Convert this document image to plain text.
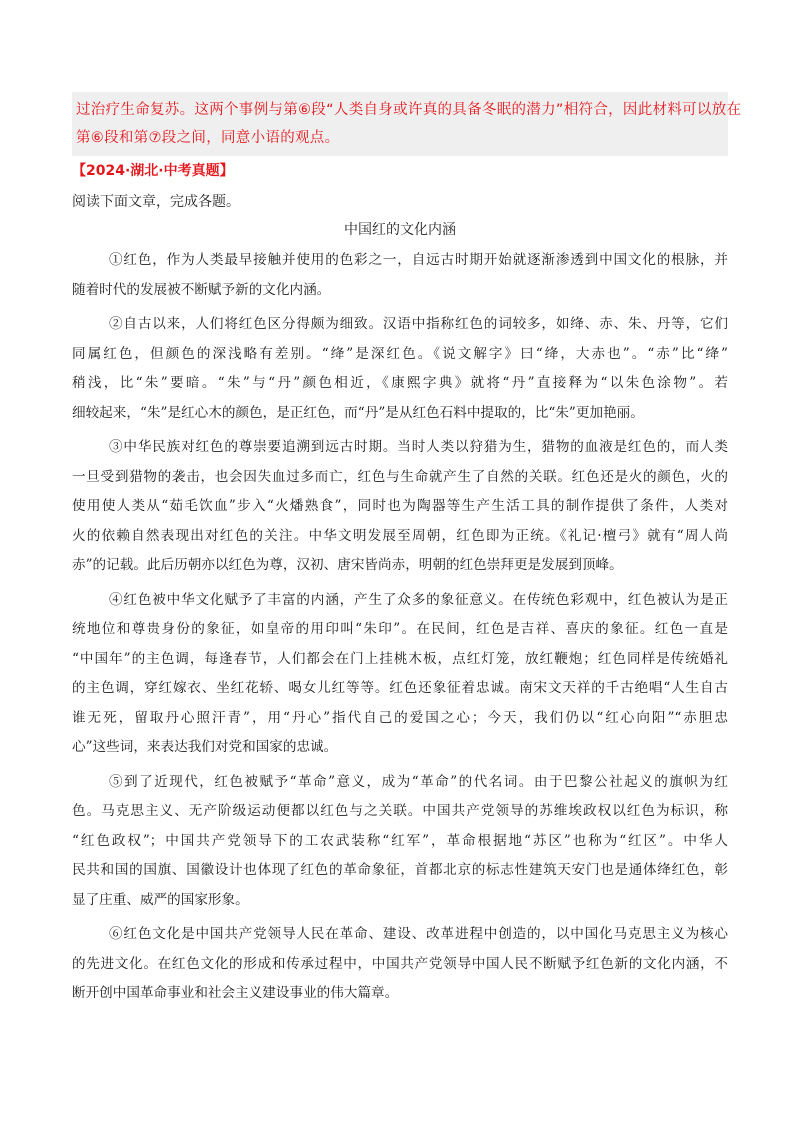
过治疗生命复苏。这两个事例与第⑥段“人类自身或许真的具备冬眠的潜力”相符合，因此材料可以放在
第⑥段和第⑦段之间，同意小语的观点。
【2024·湖北·中考真题】
阅读下面文章，完成各题。
中国红的文化内涵
①红色，作为人类最早接触并使用的色彩之一，自远古时期开始就逐渐渗透到中国文化的根脉，并
随着时代的发展被不断赋予新的文化内涵。
②自古以来，人们将红色区分得颇为细致。汉语中指称红色的词较多，如绛、赤、朱、丹等，它们
同属红色，但颜色的深浅略有差别。“绛”是深红色。《说文解字》曰“绛，大赤也”。“赤”比“绛”
稍浅，比“朱”要暗。“朱”与“丹”颜色相近，《康熙字典》就将“丹”直接释为“以朱色涂物”。若
细较起来，“朱”是红心木的颜色，是正红色，而“丹”是从红色石料中提取的，比“朱”更加艳丽。
③中华民族对红色的尊崇要追溯到远古时期。当时人类以狩猎为生，猎物的血液是红色的，而人类
一旦受到猎物的袭击，也会因失血过多而亡，红色与生命就产生了自然的关联。红色还是火的颜色，火的
使用使人类从“茹毛饮血”步入“火燔熟食”，同时也为陶器等生产生活工具的制作提供了条件，人类对
火的依赖自然表现出对红色的关注。中华文明发展至周朝，红色即为正统。《礼记·檀弓》就有“周人尚
赤”的记载。此后历朝亦以红色为尊，汉初、唐宋皆尚赤，明朝的红色崇拜更是发展到顶峰。
④红色被中华文化赋予了丰富的内涵，产生了众多的象征意义。在传统色彩观中，红色被认为是正
统地位和尊贵身份的象征，如皇帝的用印叫“朱印”。在民间，红色是吉祥、喜庆的象征。红色一直是
“中国年”的主色调，每逢春节，人们都会在门上挂桃木板，点红灯笼，放红鞭炮；红色同样是传统婚礼
的主色调，穿红嫁衣、坐红花轿、喝女儿红等等。红色还象征着忠诚。南宋文天祥的千古绝唱“人生自古
谁无死，留取丹心照汗青”，用“丹心”指代自己的爱国之心；今天，我们仍以“红心向阳”“赤胆忠
心”这些词，来表达我们对党和国家的忠诚。
⑤到了近现代，红色被赋予“革命”意义，成为“革命”的代名词。由于巴黎公社起义的旗帜为红
色。马克思主义、无产阶级运动便都以红色与之关联。中国共产党领导的苏维埃政权以红色为标识，称
“红色政权”；中国共产党领导下的工农武装称“红军”，革命根据地“苏区”也称为“红区”。中华人
民共和国的国旗、国徽设计也体现了红色的革命象征，首都北京的标志性建筑天安门也是通体绛红色，彰
显了庄重、威严的国家形象。
⑥红色文化是中国共产党领导人民在革命、建设、改革进程中创造的，以中国化马克思主义为核心
的先进文化。在红色文化的形成和传承过程中，中国共产党领导中国人民不断赋予红色新的文化内涵，不
断开创中国革命事业和社会主义建设事业的伟大篇章。
